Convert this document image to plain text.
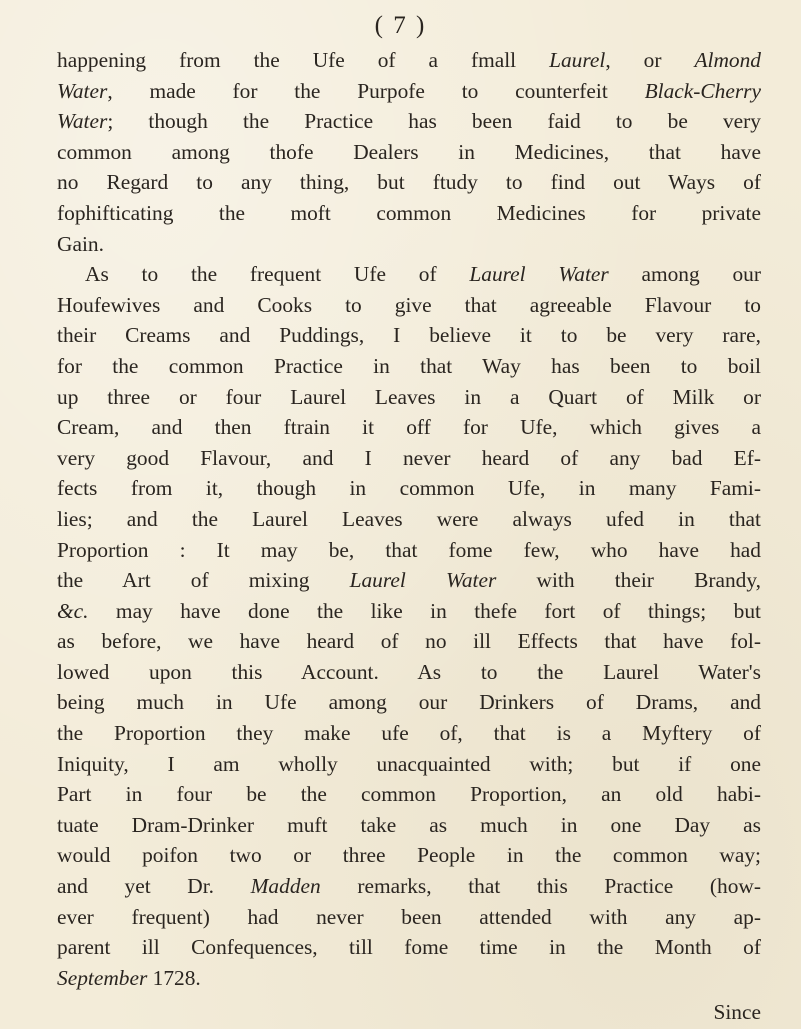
( 7 )
happening from the Ufe of a fmall Laurel, or Almond
Water, made for the Purpofe to counterfeit Black-Cherry
Water; though the Practice has been faid to be very
common among thofe Dealers in Medicines, that have
no Regard to any thing, but ftudy to find out Ways of
fophifticating the moft common Medicines for private
Gain.
As to the frequent Ufe of Laurel Water among our
Houfewives and Cooks to give that agreeable Flavour to
their Creams and Puddings, I believe it to be very rare,
for the common Practice in that Way has been to boil
up three or four Laurel Leaves in a Quart of Milk or
Cream, and then ftrain it off for Ufe, which gives a
very good Flavour, and I never heard of any bad Ef-
fects from it, though in common Ufe, in many Fami-
lies; and the Laurel Leaves were always ufed in that
Proportion : It may be, that fome few, who have had
the Art of mixing Laurel Water with their Brandy,
&c. may have done the like in thefe fort of things; but
as before, we have heard of no ill Effects that have fol-
lowed upon this Account. As to the Laurel Water's
being much in Ufe among our Drinkers of Drams, and
the Proportion they make ufe of, that is a Myftery of
Iniquity, I am wholly unacquainted with; but if one
Part in four be the common Proportion, an old habi-
tuate Dram-Drinker muft take as much in one Day as
would poifon two or three People in the common way;
and yet Dr. Madden remarks, that this Practice (how-
ever frequent) had never been attended with any ap-
parent ill Confequences, till fome time in the Month of
September 1728.
Since
